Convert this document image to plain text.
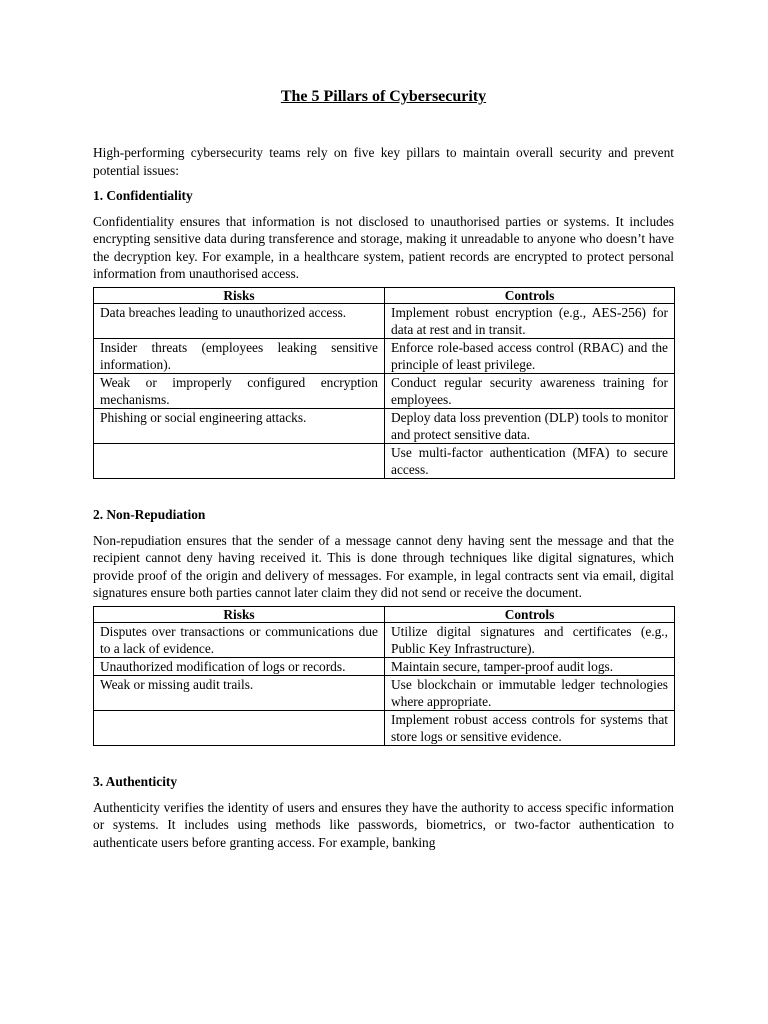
The 5 Pillars of Cybersecurity

High-performing cybersecurity teams rely on five key pillars to maintain overall security and prevent potential issues:

1. Confidentiality

Confidentiality ensures that information is not disclosed to unauthorised parties or systems. It includes encrypting sensitive data during transference and storage, making it unreadable to anyone who doesn’t have the decryption key. For example, in a healthcare system, patient records are encrypted to protect personal information from unauthorised access.

Risks	Controls
Data breaches leading to unauthorized access.	Implement robust encryption (e.g., AES-256) for data at rest and in transit.
Insider threats (employees leaking sensitive information).	Enforce role-based access control (RBAC) and the principle of least privilege.
Weak or improperly configured encryption mechanisms.	Conduct regular security awareness training for employees.
Phishing or social engineering attacks.	Deploy data loss prevention (DLP) tools to monitor and protect sensitive data.
	Use multi-factor authentication (MFA) to secure access.
2. Non-Repudiation

Non-repudiation ensures that the sender of a message cannot deny having sent the message and that the recipient cannot deny having received it. This is done through techniques like digital signatures, which provide proof of the origin and delivery of messages. For example, in legal contracts sent via email, digital signatures ensure both parties cannot later claim they did not send or receive the document.

Risks	Controls
Disputes over transactions or communications due to a lack of evidence.	Utilize digital signatures and certificates (e.g., Public Key Infrastructure).
Unauthorized modification of logs or records.	Maintain secure, tamper-proof audit logs.
Weak or missing audit trails.	Use blockchain or immutable ledger technologies where appropriate.
	Implement robust access controls for systems that store logs or sensitive evidence.
3. Authenticity

Authenticity verifies the identity of users and ensures they have the authority to access specific information or systems. It includes using methods like passwords, biometrics, or two-factor authentication to authenticate users before granting access. For example, banking
